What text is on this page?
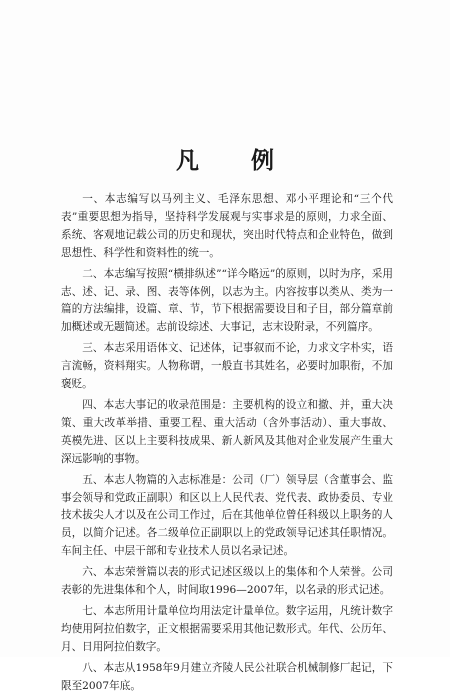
凡 例

一、本志编写以马列主义、毛泽东思想、邓小平理论和“三个代表”重要思想为指导，坚持科学发展观与实事求是的原则，力求全面、系统、客观地记载公司的历史和现状，突出时代特点和企业特色，做到思想性、科学性和资料性的统一。

二、本志编写按照“横排纵述”“详今略远”的原则，以时为序，采用志、述、记、录、图、表等体例，以志为主。内容按事以类从、类为一篇的方法编排，设篇、章、节，节下根据需要设目和子目，部分篇章前加概述或无题简述。志前设综述、大事记，志末设附录，不列篇序。

三、本志采用语体文、记述体，记事叙而不论，力求文字朴实，语言流畅，资料翔实。人物称谓，一般直书其姓名，必要时加职衔，不加褒贬。

四、本志大事记的收录范围是：主要机构的设立和撤、并，重大决策、重大改革举措、重要工程、重大活动（含外事活动）、重大事故、英模先进、区以上主要科技成果、新人新风及其他对企业发展产生重大深远影响的事物。

五、本志人物篇的入志标准是：公司（厂）领导层（含董事会、监事会领导和党政正副职）和区以上人民代表、党代表、政协委员、专业技术拔尖人才以及在公司工作过，后在其他单位曾任科级以上职务的人员，以简介记述。各二级单位正副职以上的党政领导记述其任职情况。车间主任、中层干部和专业技术人员以名录记述。

六、本志荣誉篇以表的形式记述区级以上的集体和个人荣誉。公司表彰的先进集体和个人，时间取1996—2007年，以名录的形式记述。

七、本志所用计量单位均用法定计量单位。数字运用，凡统计数字均使用阿拉伯数字，正文根据需要采用其他记数形式。年代、公历年、月、日用阿拉伯数字。

八、本志从1958年9月建立齐陵人民公社联合机械制修厂起记，下限至2007年底。
